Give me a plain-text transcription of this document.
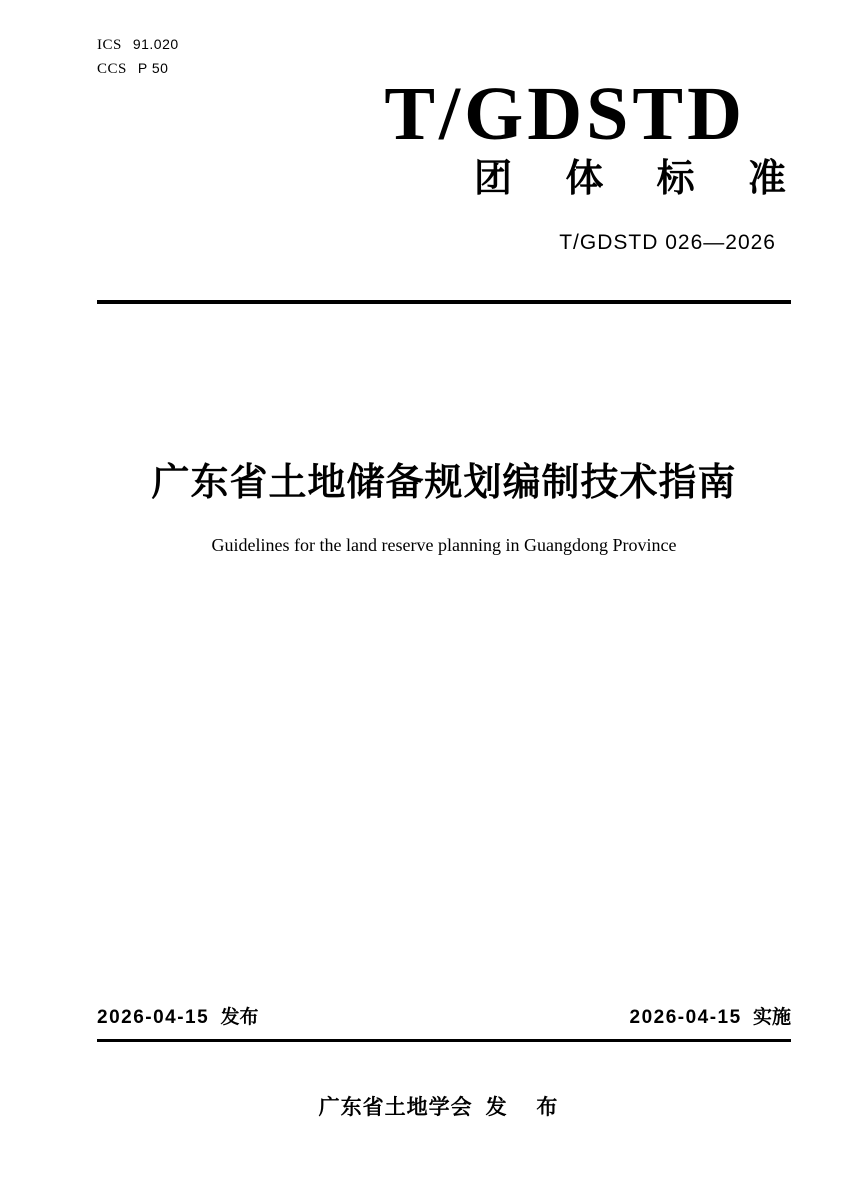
ICS 91.020
CCS P 50
T/GDSTD
团 体 标 准
T/GDSTD 026—2026
广东省土地储备规划编制技术指南
Guidelines for the land reserve planning in Guangdong Province
2026-04-15 发布	2026-04-15 实施
广东省土地学会 发 布
